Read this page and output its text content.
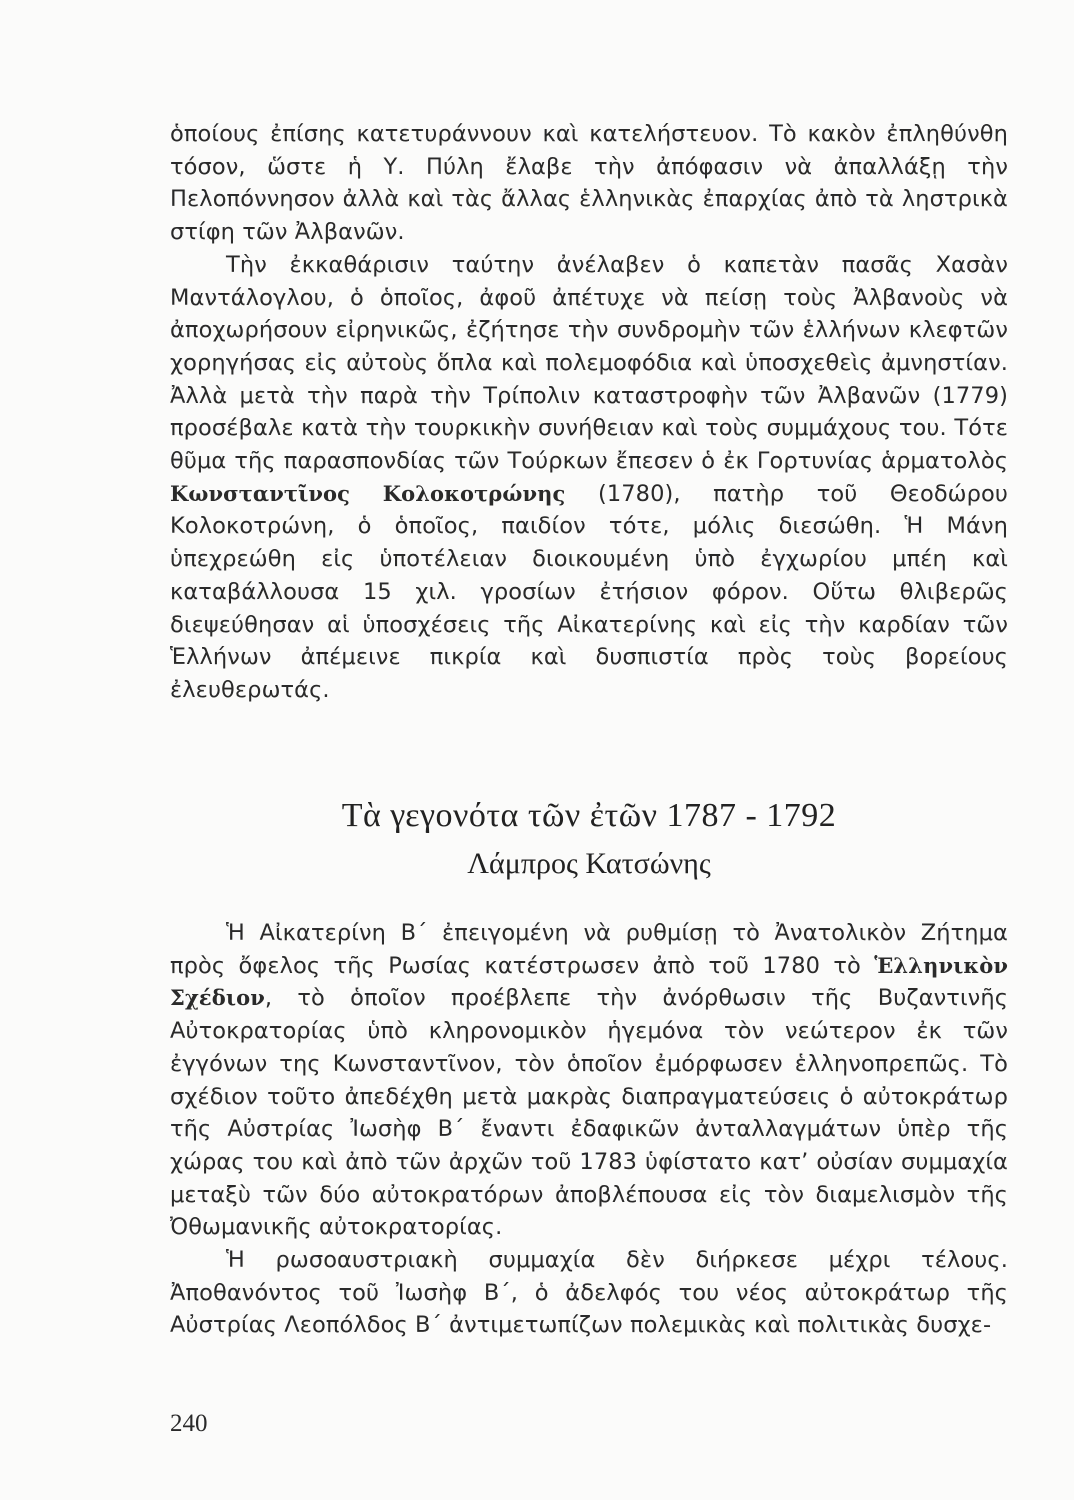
ὁποίους ἐπίσης κατετυράννουν καὶ κατελήστευον. Τὸ κακὸν ἐπληθύνθη τόσον, ὥστε ἡ Υ. Πύλη ἔλαβε τὴν ἀπόφασιν νὰ ἀπαλλάξῃ τὴν Πελοπόννησον ἀλλὰ καὶ τὰς ἄλλας ἑλληνικὰς ἐπαρχίας ἀπὸ τὰ ληστρικὰ στίφη τῶν Ἀλβανῶν.

Τὴν ἐκκαθάρισιν ταύτην ἀνέλαβεν ὁ καπετὰν πασᾶς Χασὰν Μαντάλογλου, ὁ ὁποῖος, ἀφοῦ ἀπέτυχε νὰ πείσῃ τοὺς Ἀλβανοὺς νὰ ἀποχωρήσουν εἰρηνικῶς, ἐζήτησε τὴν συνδρομὴν τῶν ἑλλήνων κλεφτῶν χορηγήσας εἰς αὐτοὺς ὅπλα καὶ πολεμοφόδια καὶ ὑποσχεθεὶς ἀμνηστίαν. Ἀλλὰ μετὰ τὴν παρὰ τὴν Τρίπολιν καταστροφὴν τῶν Ἀλβανῶν (1779) προσέβαλε κατὰ τὴν τουρκικὴν συνήθειαν καὶ τοὺς συμμάχους του. Τότε θῦμα τῆς παρασπονδίας τῶν Τούρκων ἔπεσεν ὁ ἐκ Γορτυνίας ἁρματολὸς Κωνσταντῖνος Κολοκοτρώνης (1780), πατὴρ τοῦ Θεοδώρου Κολοκοτρώνη, ὁ ὁποῖος, παιδίον τότε, μόλις διεσώθη. Ἡ Μάνη ὑπεχρεώθη εἰς ὑποτέλειαν διοικουμένη ὑπὸ ἐγχωρίου μπέη καὶ καταβάλλουσα 15 χιλ. γροσίων ἐτήσιον φόρον. Οὕτω θλιβερῶς διεψεύθησαν αἱ ὑποσχέσεις τῆς Αἰκατερίνης καὶ εἰς τὴν καρδίαν τῶν Ἑλλήνων ἀπέμεινε πικρία καὶ δυσπιστία πρὸς τοὺς βορείους ἐλευθερωτάς.

Τὰ γεγονότα τῶν ἐτῶν 1787 - 1792
Λάμπρος Κατσώνης

Ἡ Αἰκατερίνη Β΄ ἐπειγομένη νὰ ρυθμίσῃ τὸ Ἀνατολικὸν Ζήτημα πρὸς ὄφελος τῆς Ρωσίας κατέστρωσεν ἀπὸ τοῦ 1780 τὸ Ἑλληνικὸν Σχέδιον, τὸ ὁποῖον προέβλεπε τὴν ἀνόρθωσιν τῆς Βυζαντινῆς Αὐτοκρατορίας ὑπὸ κληρονομικὸν ἡγεμόνα τὸν νεώτερον ἐκ τῶν ἐγγόνων της Κωνσταντῖνον, τὸν ὁποῖον ἐμόρφωσεν ἑλληνοπρεπῶς. Τὸ σχέδιον τοῦτο ἀπεδέχθη μετὰ μακρὰς διαπραγματεύσεις ὁ αὐτοκράτωρ τῆς Αὐστρίας Ἰωσὴφ Β΄ ἔναντι ἐδαφικῶν ἀνταλλαγμάτων ὑπὲρ τῆς χώρας του καὶ ἀπὸ τῶν ἀρχῶν τοῦ 1783 ὑφίστατο κατ’ οὐσίαν συμμαχία μεταξὺ τῶν δύο αὐτοκρατόρων ἀποβλέπουσα εἰς τὸν διαμελισμὸν τῆς Ὀθωμανικῆς αὐτοκρατορίας.

Ἡ ρωσοαυστριακὴ συμμαχία δὲν διήρκεσε μέχρι τέλους. Ἀποθανόντος τοῦ Ἰωσὴφ Β΄, ὁ ἀδελφός του νέος αὐτοκράτωρ τῆς Αὐστρίας Λεοπόλδος Β΄ ἀντιμετωπίζων πολεμικὰς καὶ πολιτικὰς δυσχε-

240
